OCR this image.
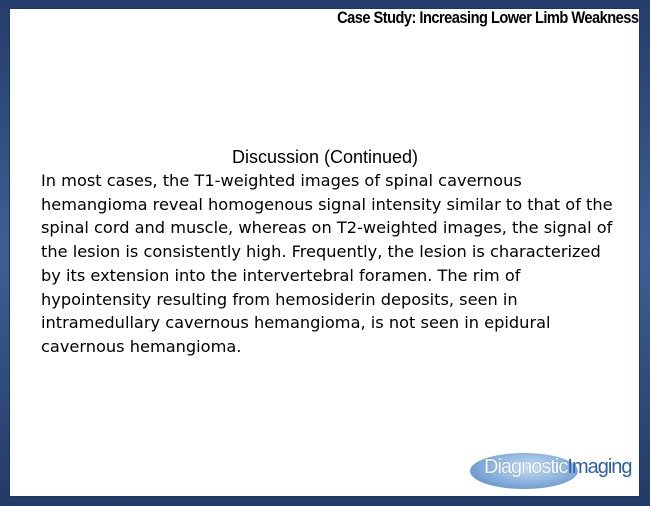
Case Study: Increasing Lower Limb Weakness
Discussion (Continued)
In most cases, the T1-weighted images of spinal cavernous hemangioma reveal homogenous signal intensity similar to that of the spinal cord and muscle, whereas on T2-weighted images, the signal of the lesion is consistently high. Frequently, the lesion is characterized by its extension into the intervertebral foramen. The rim of hypointensity resulting from hemosiderin deposits, seen in intramedullary cavernous hemangioma, is not seen in epidural cavernous hemangioma.
DiagnosticImaging
